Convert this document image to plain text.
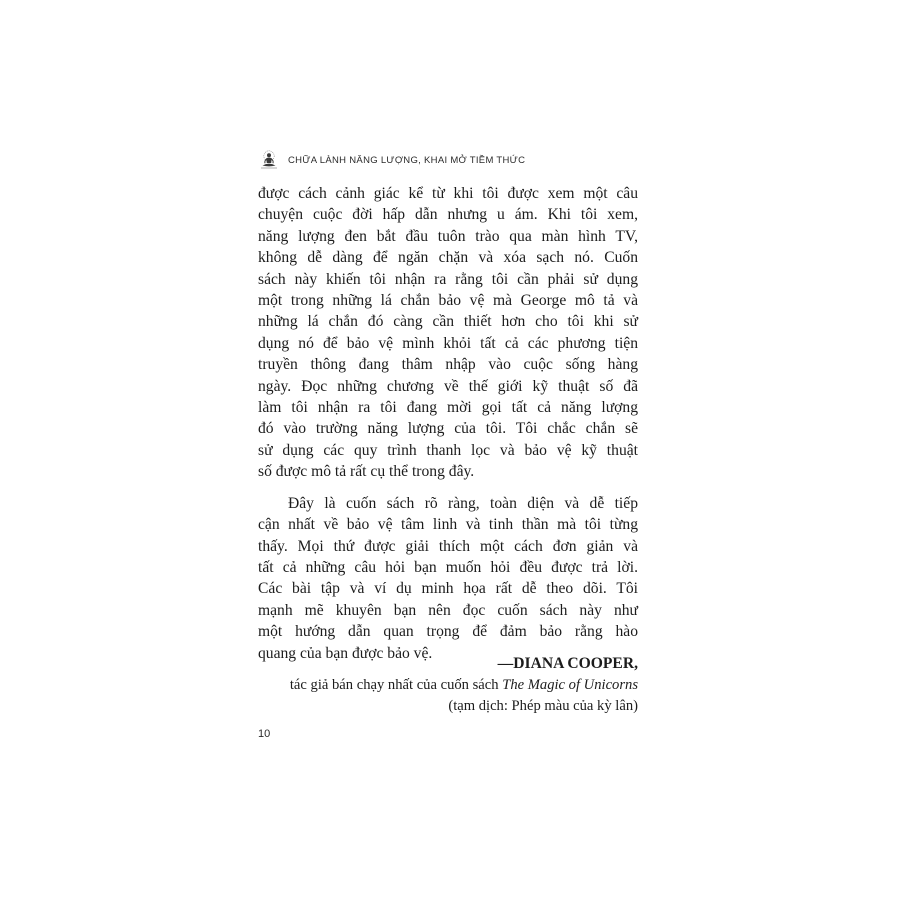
CHỮA LÀNH NĂNG LƯỢNG, KHAI MỞ TIỀM THỨC

được cách cảnh giác kể từ khi tôi được xem một câu
chuyện cuộc đời hấp dẫn nhưng u ám. Khi tôi xem,
năng lượng đen bắt đầu tuôn trào qua màn hình TV,
không dễ dàng để ngăn chặn và xóa sạch nó. Cuốn
sách này khiến tôi nhận ra rằng tôi cần phải sử dụng
một trong những lá chắn bảo vệ mà George mô tả và
những lá chắn đó càng cần thiết hơn cho tôi khi sử
dụng nó để bảo vệ mình khỏi tất cả các phương tiện
truyền thông đang thâm nhập vào cuộc sống hàng
ngày. Đọc những chương về thế giới kỹ thuật số đã
làm tôi nhận ra tôi đang mời gọi tất cả năng lượng
đó vào trường năng lượng của tôi. Tôi chắc chắn sẽ
sử dụng các quy trình thanh lọc và bảo vệ kỹ thuật
số được mô tả rất cụ thể trong đây.

Đây là cuốn sách rõ ràng, toàn diện và dễ tiếp
cận nhất về bảo vệ tâm linh và tinh thần mà tôi từng
thấy. Mọi thứ được giải thích một cách đơn giản và
tất cả những câu hỏi bạn muốn hỏi đều được trả lời.
Các bài tập và ví dụ minh họa rất dễ theo dõi. Tôi
mạnh mẽ khuyên bạn nên đọc cuốn sách này như
một hướng dẫn quan trọng để đảm bảo rằng hào
quang của bạn được bảo vệ.

—DIANA COOPER,
tác giả bán chạy nhất của cuốn sách The Magic of Unicorns
(tạm dịch: Phép màu của kỳ lân)
10
